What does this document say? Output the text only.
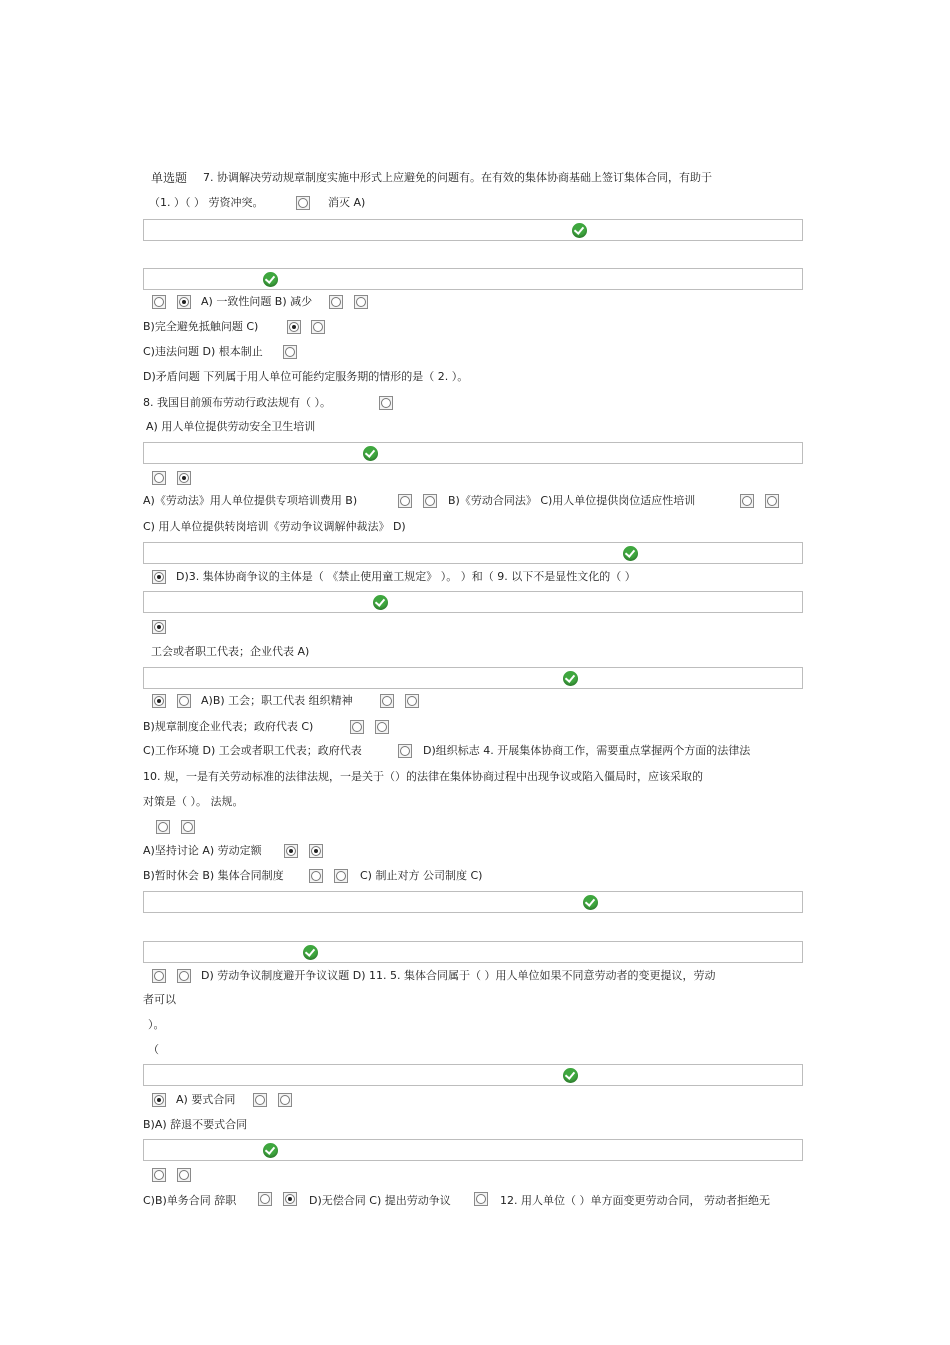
单选题 7. 协调解决劳动规章制度实施中形式上应避免的问题有。在有效的集体协商基础上签订集体合同，有助于
（1. ）（ ） 劳资冲突。	消灭 A)
A) 一致性问题 B) 减少
B)完全避免抵触问题 C)
C)违法问题 D) 根本制止
D)矛盾问题 下列属于用人单位可能约定服务期的情形的是（ 2. ）。
8. 我国目前颁布劳动行政法规有（ ）。
A) 用人单位提供劳动安全卫生培训
A)《劳动法》用人单位提供专项培训费用 B)	B)《劳动合同法》 C)用人单位提供岗位适应性培训
C) 用人单位提供转岗培训《劳动争议调解仲裁法》 D)
D)3. 集体协商争议的主体是（ 《禁止使用童工规定》 ）。 ）和（ 9. 以下不是显性文化的（ ）
工会或者职工代表；企业代表 A)
A)B) 工会；职工代表 组织精神
B)规章制度企业代表；政府代表 C)
C)工作环境 D) 工会或者职工代表；政府代表	D)组织标志 4. 开展集体协商工作，需要重点掌握两个方面的法律法
10. 规，一是有关劳动标准的法律法规，一是关于（）的法律在集体协商过程中出现争议或陷入僵局时，应该采取的
对策是（ ）。 法规。
A)坚持讨论 A) 劳动定额
B)暂时休会 B) 集体合同制度	C) 制止对方 公司制度 C)
D) 劳动争议制度避开争议议题 D) 11. 5. 集体合同属于（ ）用人单位如果不同意劳动者的变更提议，劳动
者可以
）。
（
A) 要式合同
B)A) 辞退不要式合同
C)B)单务合同 辞职	D)无偿合同 C) 提出劳动争议	12. 用人单位（ ）单方面变更劳动合同， 劳动者拒绝无
